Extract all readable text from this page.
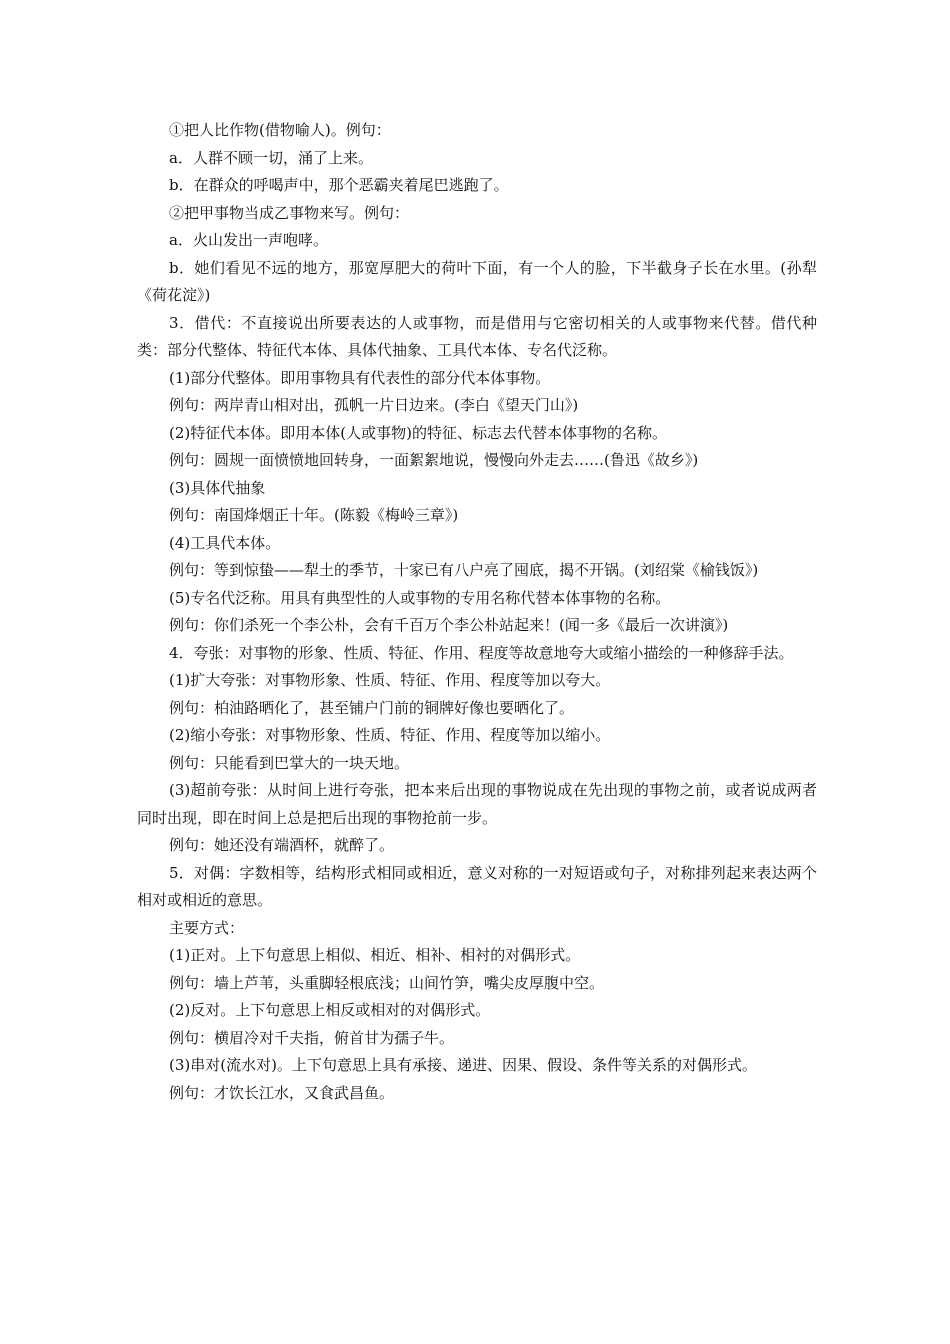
①把人比作物(借物喻人)。例句：

a．人群不顾一切，涌了上来。

b．在群众的呼喝声中，那个恶霸夹着尾巴逃跑了。

②把甲事物当成乙事物来写。例句：

a．火山发出一声咆哮。

b．她们看见不远的地方，那宽厚肥大的荷叶下面，有一个人的脸，下半截身子长在水里。(孙犁《荷花淀》)

3．借代：不直接说出所要表达的人或事物，而是借用与它密切相关的人或事物来代替。借代种类：部分代整体、特征代本体、具体代抽象、工具代本体、专名代泛称。

(1)部分代整体。即用事物具有代表性的部分代本体事物。

例句：两岸青山相对出，孤帆一片日边来。(李白《望天门山》)

(2)特征代本体。即用本体(人或事物)的特征、标志去代替本体事物的名称。

例句：圆规一面愤愤地回转身，一面絮絮地说，慢慢向外走去……(鲁迅《故乡》)

(3)具体代抽象

例句：南国烽烟正十年。(陈毅《梅岭三章》)

(4)工具代本体。

例句：等到惊蛰——犁土的季节，十家已有八户亮了囤底，揭不开锅。(刘绍棠《榆钱饭》)

(5)专名代泛称。用具有典型性的人或事物的专用名称代替本体事物的名称。

例句：你们杀死一个李公朴，会有千百万个李公朴站起来！(闻一多《最后一次讲演》)

4．夸张：对事物的形象、性质、特征、作用、程度等故意地夸大或缩小描绘的一种修辞手法。

(1)扩大夸张：对事物形象、性质、特征、作用、程度等加以夸大。

例句：柏油路晒化了，甚至铺户门前的铜牌好像也要晒化了。

(2)缩小夸张：对事物形象、性质、特征、作用、程度等加以缩小。

例句：只能看到巴掌大的一块天地。

(3)超前夸张：从时间上进行夸张，把本来后出现的事物说成在先出现的事物之前，或者说成两者同时出现，即在时间上总是把后出现的事物抢前一步。

例句：她还没有端酒杯，就醉了。

5．对偶：字数相等，结构形式相同或相近，意义对称的一对短语或句子，对称排列起来表达两个相对或相近的意思。

主要方式：

(1)正对。上下句意思上相似、相近、相补、相衬的对偶形式。

例句：墙上芦苇，头重脚轻根底浅；山间竹笋，嘴尖皮厚腹中空。

(2)反对。上下句意思上相反或相对的对偶形式。

例句：横眉冷对千夫指，俯首甘为孺子牛。

(3)串对(流水对)。上下句意思上具有承接、递进、因果、假设、条件等关系的对偶形式。

例句：才饮长江水，又食武昌鱼。
